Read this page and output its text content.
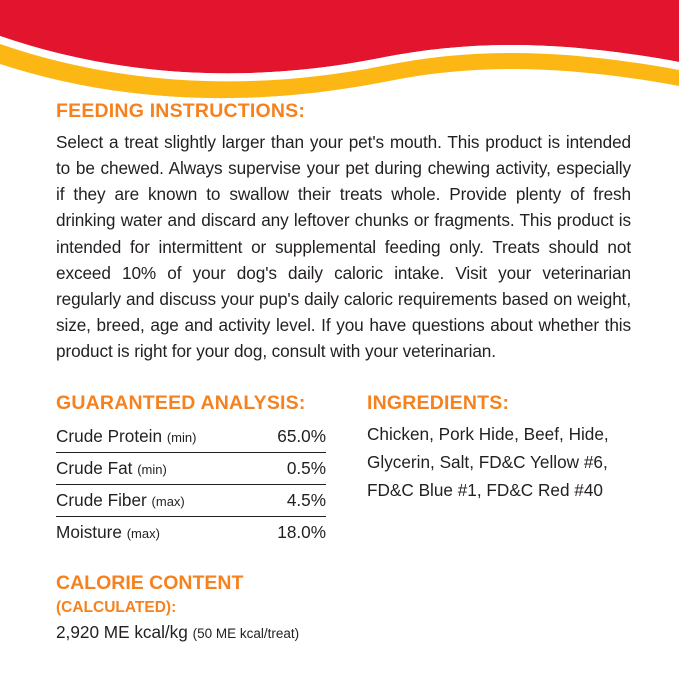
FEEDING INSTRUCTIONS:

Select a treat slightly larger than your pet's mouth. This product is intended to be chewed. Always supervise your pet during chewing activity, especially if they are known to swallow their treats whole. Provide plenty of fresh drinking water and discard any leftover chunks or fragments. This product is intended for intermittent or supplemental feeding only. Treats should not exceed 10% of your dog's daily caloric intake. Visit your veterinarian regularly and discuss your pup's daily caloric requirements based on weight, size, breed, age and activity level. If you have questions about whether this product is right for your dog, consult with your veterinarian.

GUARANTEED ANALYSIS:
Crude Protein (min)	65.0%
Crude Fat (min)	0.5%
Crude Fiber (max)	4.5%
Moisture (max)	18.0%
CALORIE CONTENT (CALCULATED):
2,920 ME kcal/kg (50 ME kcal/treat)
INGREDIENTS:

Chicken, Pork Hide, Beef, Hide, Glycerin, Salt, FD&C Yellow #6, FD&C Blue #1, FD&C Red #40
